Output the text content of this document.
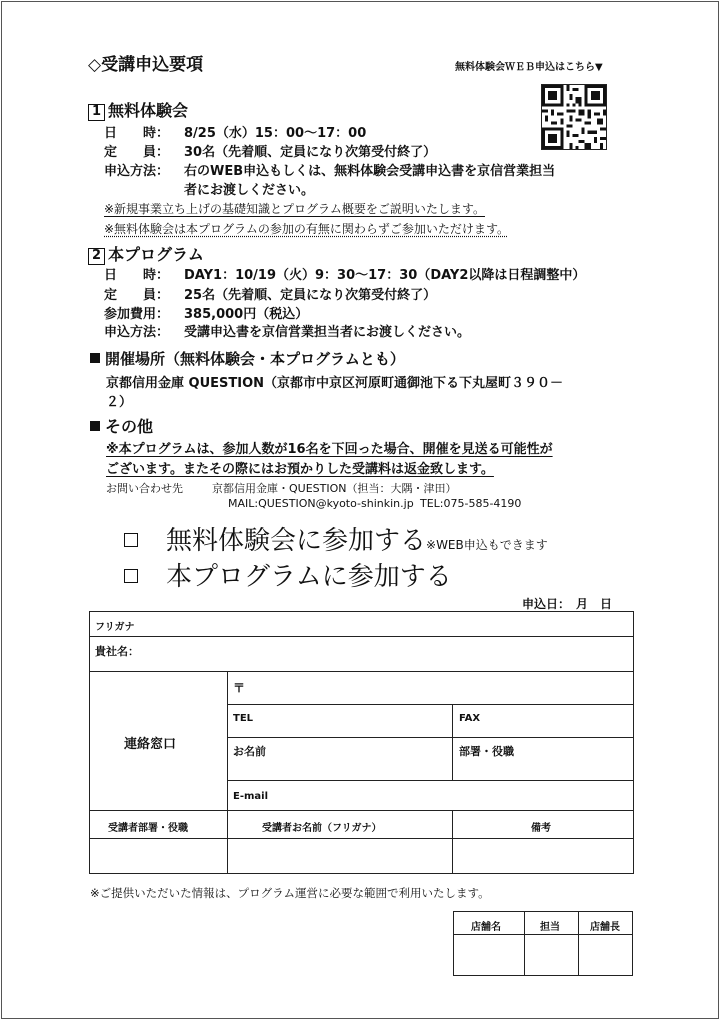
◇受講申込要項	無料体験会ＷＥＢ申込はこちら▼
1 無料体験会
日　　時： 8/25（水）15：00～17：00
定　　員： 30名（先着順、定員になり次第受付終了）
申込方法： 右のWEB申込もしくは、無料体験会受講申込書を京信営業担当
者にお渡しください。
※新規事業立ち上げの基礎知識とプログラム概要をご説明いたします。
※無料体験会は本プログラムの参加の有無に関わらずご参加いただけます。
2 本プログラム
日　　時： DAY1：10/19（火）9：30～17：30（DAY2以降は日程調整中）
定　　員： 25名（先着順、定員になり次第受付終了）
参加費用： 385,000円（税込）
申込方法： 受講申込書を京信営業担当者にお渡しください。
開催場所（無料体験会・本プログラムとも）
京都信用金庫 QUESTION（京都市中京区河原町通御池下る下丸屋町３９０－
２）
その他
※本プログラムは、参加人数が16名を下回った場合、開催を見送る可能性が
ございます。またその際にはお預かりした受講料は返金致します。
お問い合わせ先	京都信用金庫・QUESTION（担当：大隅・津田）
MAIL:QUESTION@kyoto-shinkin.jp TEL:075-585-4190
無料体験会に参加する※WEB申込もできます
本プログラムに参加する
申込日：　月　日
フリガナ
貴社名：
連絡窓口
〒
TEL	FAX
お名前	部署・役職
E-mail
受講者部署・役職	受講者お名前（フリガナ）	備考
※ご提供いただいた情報は、プログラム運営に必要な範囲で利用いたします。
店舗名	担当	店舗長
